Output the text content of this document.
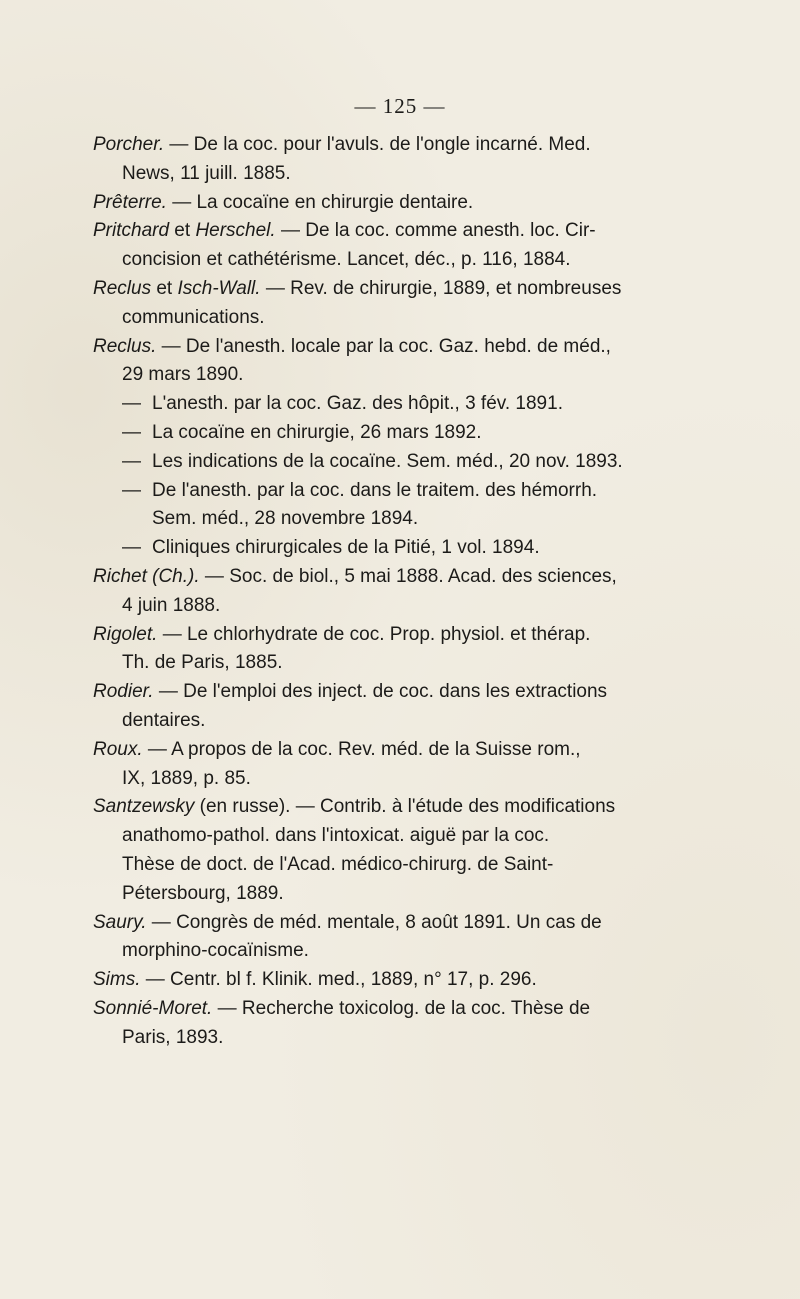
— 125 —

Porcher. — De la coc. pour l'avuls. de l'ongle incarné. Med.
News, 11 juill. 1885.

Prêterre. — La cocaïne en chirurgie dentaire.

Pritchard et Herschel. — De la coc. comme anesth. loc. Cir-
concision et cathétérisme. Lancet, déc., p. 116, 1884.

Reclus et Isch-Wall. — Rev. de chirurgie, 1889, et nombreuses
communications.

Reclus. — De l'anesth. locale par la coc. Gaz. hebd. de méd.,
29 mars 1890.

— L'anesth. par la coc. Gaz. des hôpit., 3 fév. 1891.

— La cocaïne en chirurgie, 26 mars 1892.

— Les indications de la cocaïne. Sem. méd., 20 nov. 1893.

— De l'anesth. par la coc. dans le traitem. des hémorrh.
Sem. méd., 28 novembre 1894.

— Cliniques chirurgicales de la Pitié, 1 vol. 1894.

Richet (Ch.). — Soc. de biol., 5 mai 1888. Acad. des sciences,
4 juin 1888.

Rigolet. — Le chlorhydrate de coc. Prop. physiol. et thérap.
Th. de Paris, 1885.

Rodier. — De l'emploi des inject. de coc. dans les extractions
dentaires.

Roux. — A propos de la coc. Rev. méd. de la Suisse rom.,
IX, 1889, p. 85.

Santzewsky (en russe). — Contrib. à l'étude des modifications
anathomo-pathol. dans l'intoxicat. aiguë par la coc.
Thèse de doct. de l'Acad. médico-chirurg. de Saint-
Pétersbourg, 1889.

Saury. — Congrès de méd. mentale, 8 août 1891. Un cas de
morphino-cocaïnisme.

Sims. — Centr. bl f. Klinik. med., 1889, n° 17, p. 296.

Sonnié-Moret. — Recherche toxicolog. de la coc. Thèse de
Paris, 1893.
